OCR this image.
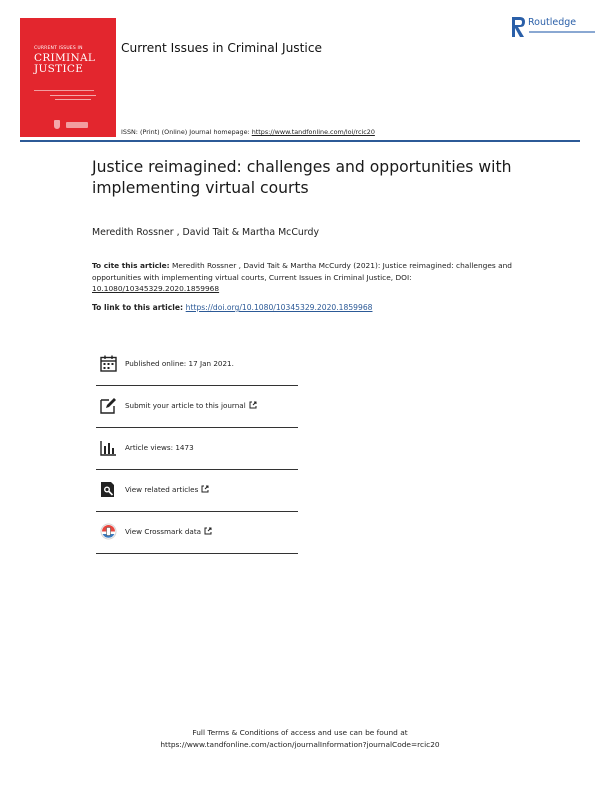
CURRENT ISSUES IN
CRIMINAL
JUSTICE
Current Issues in Criminal Justice
Routledge
ISSN: (Print) (Online) Journal homepage: https://www.tandfonline.com/loi/rcic20
Justice reimagined: challenges and opportunities with implementing virtual courts
Meredith Rossner , David Tait & Martha McCurdy
To cite this article: Meredith Rossner , David Tait & Martha McCurdy (2021): Justice reimagined: challenges and opportunities with implementing virtual courts, Current Issues in Criminal Justice, DOI: 10.1080/10345329.2020.1859968
To link to this article: https://doi.org/10.1080/10345329.2020.1859968
Published online: 17 Jan 2021.
Submit your article to this journal
Article views: 1473
View related articles
View Crossmark data
Full Terms & Conditions of access and use can be found at
https://www.tandfonline.com/action/journalInformation?journalCode=rcic20
